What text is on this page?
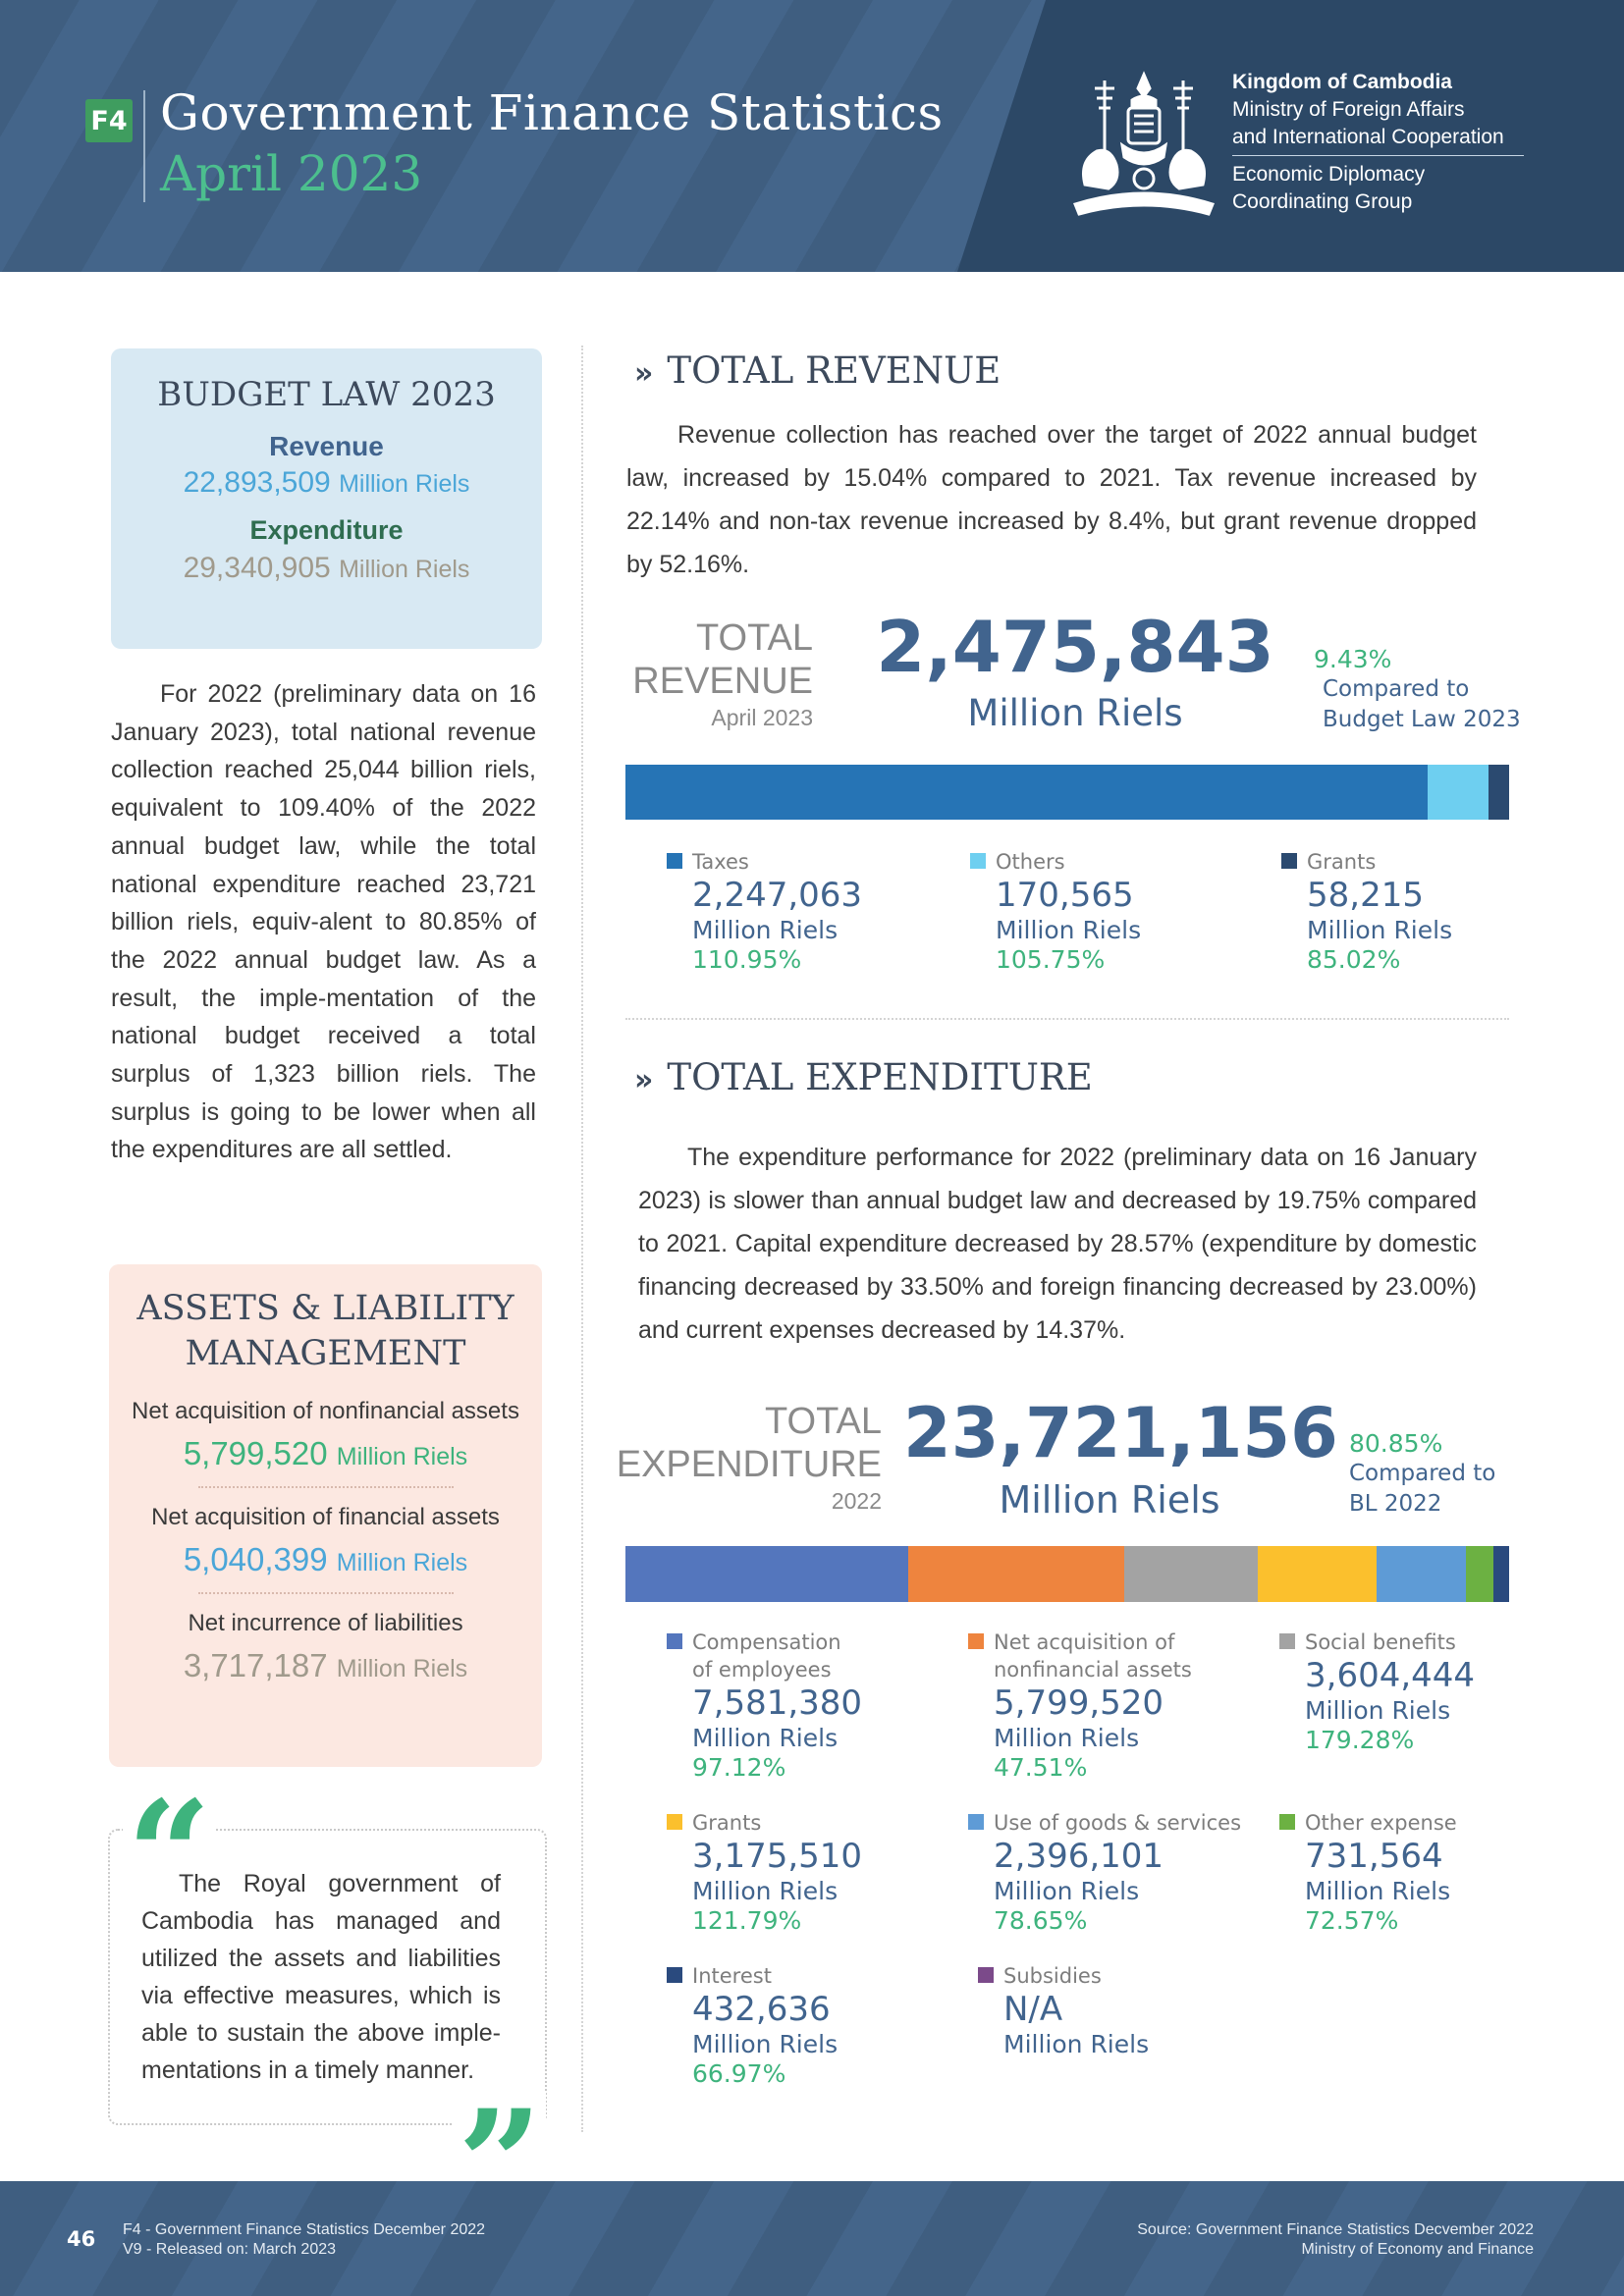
F4 Government Finance Statistics
April 2023
Kingdom of Cambodia
Ministry of Foreign Affairs
and International Cooperation
Economic Diplomacy
Coordinating Group
BUDGET LAW 2023
Revenue
22,893,509 Million Riels
Expenditure
29,340,905 Million Riels

For 2022 (preliminary data on 16 January 2023), total national revenue collection reached 25,044 billion riels, equivalent to 109.40% of the 2022 annual budget law, while the total national expenditure reached 23,721 billion riels, equiv-alent to 80.85% of the 2022 annual budget law. As a result, the imple-mentation of the national budget received a total surplus of 1,323 billion riels. The surplus is going to be lower when all the expenditures are all settled.

ASSETS & LIABILITY
MANAGEMENT
Net acquisition of nonfinancial assets
5,799,520 Million Riels
Net acquisition of financial assets
5,040,399 Million Riels
Net incurrence of liabilities
3,717,187 Million Riels
“

The Royal government of Cambodia has managed and utilized the assets and liabilities via effective measures, which is able to sustain the above imple-mentations in a timely manner.

”
» TOTAL REVENUE

Revenue collection has reached over the target of 2022 annual budget law, increased by 15.04% compared to 2021. Tax revenue increased by 22.14% and non-tax revenue increased by 8.4%, but grant revenue dropped by 52.16%.

TOTAL
REVENUE
April 2023
2,475,843
Million Riels
9.43%
Compared to
Budget Law 2023
Taxes
2,247,063
Million Riels
110.95%
Others
170,565
Million Riels
105.75%
Grants
58,215
Million Riels
85.02%
» TOTAL EXPENDITURE

The expenditure performance for 2022 (preliminary data on 16 January 2023) is slower than annual budget law and decreased by 19.75% compared to 2021. Capital expenditure decreased by 28.57% (expenditure by domestic financing decreased by 33.50% and foreign financing decreased by 23.00%) and current expenses decreased by 14.37%.

TOTAL
EXPENDITURE
2022
23,721,156
Million Riels
80.85%
Compared to
BL 2022
Compensation
of employees
7,581,380
Million Riels
97.12%
Net acquisition of
nonfinancial assets
5,799,520
Million Riels
47.51%
Social benefits
3,604,444
Million Riels
179.28%
Grants
3,175,510
Million Riels
121.79%
Use of goods & services
2,396,101
Million Riels
78.65%
Other expense
731,564
Million Riels
72.57%
Interest
432,636
Million Riels
66.97%
Subsidies
N/A
Million Riels
46 F4 - Government Finance Statistics December 2022
V9 - Released on: March 2023
Source: Government Finance Statistics Decvember 2022
Ministry of Economy and Finance
